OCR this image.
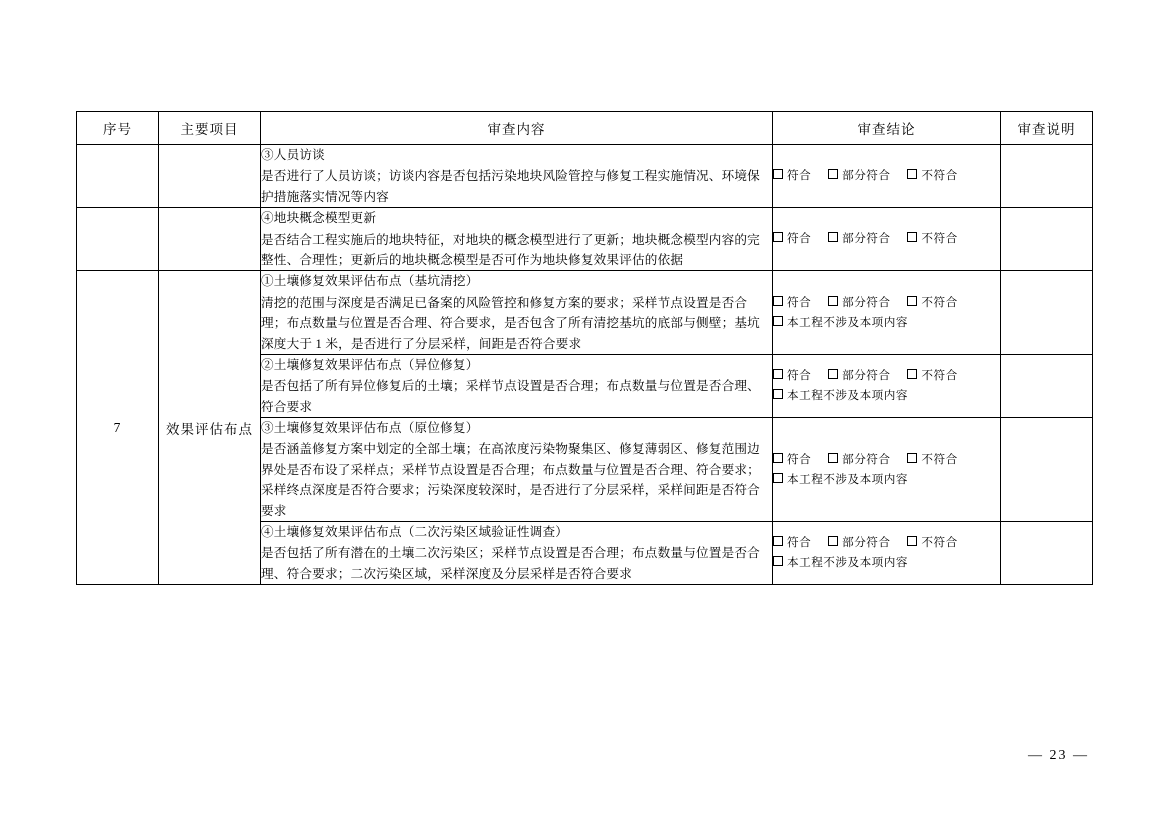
序号	主要项目	审查内容	审查结论	审查说明

		③人员访谈
是否进行了人员访谈；访谈内容是否包括污染地块风险管控与修复工程实施情况、环境保护措施落实情况等内容	符合 部分符合 不符合	

		④地块概念模型更新
是否结合工程实施后的地块特征，对地块的概念模型进行了更新；地块概念模型内容的完整性、合理性；更新后的地块概念模型是否可作为地块修复效果评估的依据	符合 部分符合 不符合	

7	效果评估布点	①土壤修复效果评估布点（基坑清挖）
清挖的范围与深度是否满足已备案的风险管控和修复方案的要求；采样节点设置是否合理；布点数量与位置是否合理、符合要求，是否包含了所有清挖基坑的底部与侧壁；基坑深度大于 1 米，是否进行了分层采样，间距是否符合要求	符合 部分符合 不符合
本工程不涉及本项内容	

		②土壤修复效果评估布点（异位修复）
是否包括了所有异位修复后的土壤；采样节点设置是否合理；布点数量与位置是否合理、符合要求	符合 部分符合 不符合
本工程不涉及本项内容	

		③土壤修复效果评估布点（原位修复）
是否涵盖修复方案中划定的全部土壤；在高浓度污染物聚集区、修复薄弱区、修复范围边界处是否布设了采样点；采样节点设置是否合理；布点数量与位置是否合理、符合要求；采样终点深度是否符合要求；污染深度较深时，是否进行了分层采样，采样间距是否符合要求	符合 部分符合 不符合
本工程不涉及本项内容	

		④土壤修复效果评估布点（二次污染区域验证性调查）
是否包括了所有潜在的土壤二次污染区；采样节点设置是否合理；布点数量与位置是否合理、符合要求；二次污染区域，采样深度及分层采样是否符合要求	符合 部分符合 不符合
本工程不涉及本项内容	

— 23 —
